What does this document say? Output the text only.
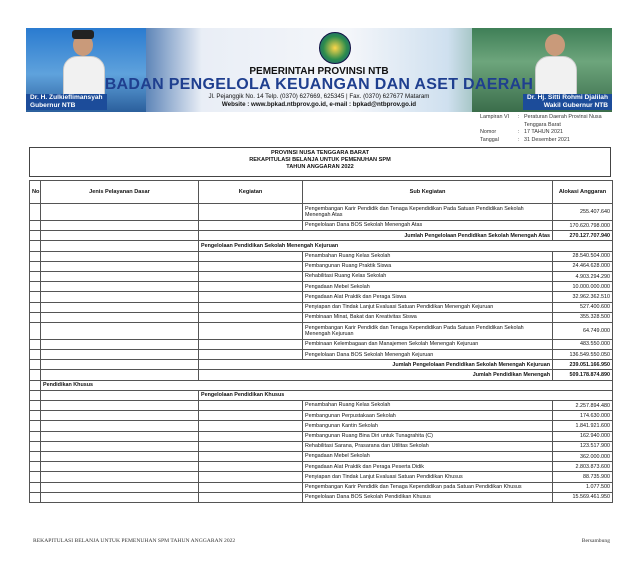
PEMERINTAH PROVINSI NTB
BADAN PENGELOLA KEUANGAN DAN ASET DAERAH
Jl. Pejanggik No. 14 Telp. (0370) 627669, 625345 | Fax. (0370) 627677 Mataram
Website : www.bpkad.ntbprov.go.id, e-mail : bpkad@ntbprov.go.id
Dr. H. Zulkieflimansyah
Gubernur NTB
Dr. Hj. Sitti Rohmi Djalilah
Wakil Gubernur NTB
Lampiran VI	: Peraturan Daerah Provinsi Nusa Tenggara Barat
Nomor	: 17 TAHUN 2021
Tanggal	: 31 Desember 2021
PROVINSI NUSA TENGGARA BARAT
REKAPITULASI BELANJA UNTUK PEMENUHAN SPM
TAHUN ANGGARAN 2022
No	Jenis Pelayanan Dasar	Kegiatan	Sub Kegiatan	Alokasi Anggaran
			Pengembangan Karir Pendidik dan Tenaga Kependidikan Pada Satuan Pendidikan Sekolah Menengah Atas	255.407.640
			Pengelolaan Dana BOS Sekolah Menengah Atas	170.620.798.000
		Jumlah Pengelolaan Pendidikan Sekolah Menengah Atas		270.127.707.940
		Pengelolaan Pendidikan Sekolah Menengah Kejuruan		
			Penambahan Ruang Kelas Sekolah	28.540.504.000
			Pembangunan Ruang Praktik Siswa	24.464.628.000
			Rehabilitasi Ruang Kelas Sekolah	4.903.294.290
			Pengadaan Mebel Sekolah	10.000.000.000
			Pengadaan Alat Praktik dan Peraga Siswa	32.962.362.510
			Penyiapan dan Tindak Lanjut Evaluasi Satuan Pendidikan Menengah Kejuruan	527.400.600
			Pembinaan Minat, Bakat dan Kreativitas Siswa	355.328.500
			Pengembangan Karir Pendidik dan Tenaga Kependidikan Pada Satuan Pendidikan Sekolah Menengah Kejuruan	64.749.000
			Pembinaan Kelembagaan dan Manajemen Sekolah Menengah Kejuruan	483.550.000
			Pengelolaan Dana BOS Sekolah Menengah Kejuruan	136.549.550.050
		Jumlah Pengelolaan Pendidikan Sekolah Menengah Kejuruan		239.051.166.950
		Jumlah Pendidikan Menengah		509.178.874.890
	Pendidikan Khusus			
		Pengelolaan Pendidikan Khusus		
			Penambahan Ruang Kelas Sekolah	2.257.894.480
			Pembangunan Perpustakaan Sekolah	174.630.000
			Pembangunan Kantin Sekolah	1.841.921.600
			Pembangunan Ruang Bina Diri untuk Tunagrahita (C)	162.940.000
			Rehabilitasi Sarana, Prasarana dan Utilitas Sekolah	123.517.900
			Pengadaan Mebel Sekolah	362.000.000
			Pengadaan Alat Praktik dan Peraga Peserta Didik	2.803.873.600
			Penyiapan dan Tindak Lanjut Evaluasi Satuan Pendidikan Khusus	88.735.900
			Pengembangan Karir Pendidik dan Tenaga Kependidikan pada Satuan Pendidikan Khusus	1.077.500
			Pengelolaan Dana BOS Sekolah Pendidikan Khusus	15.569.461.950
REKAPITULASI BELANJA UNTUK PEMENUHAN SPM TAHUN ANGGARAN 2022	Bersambung
